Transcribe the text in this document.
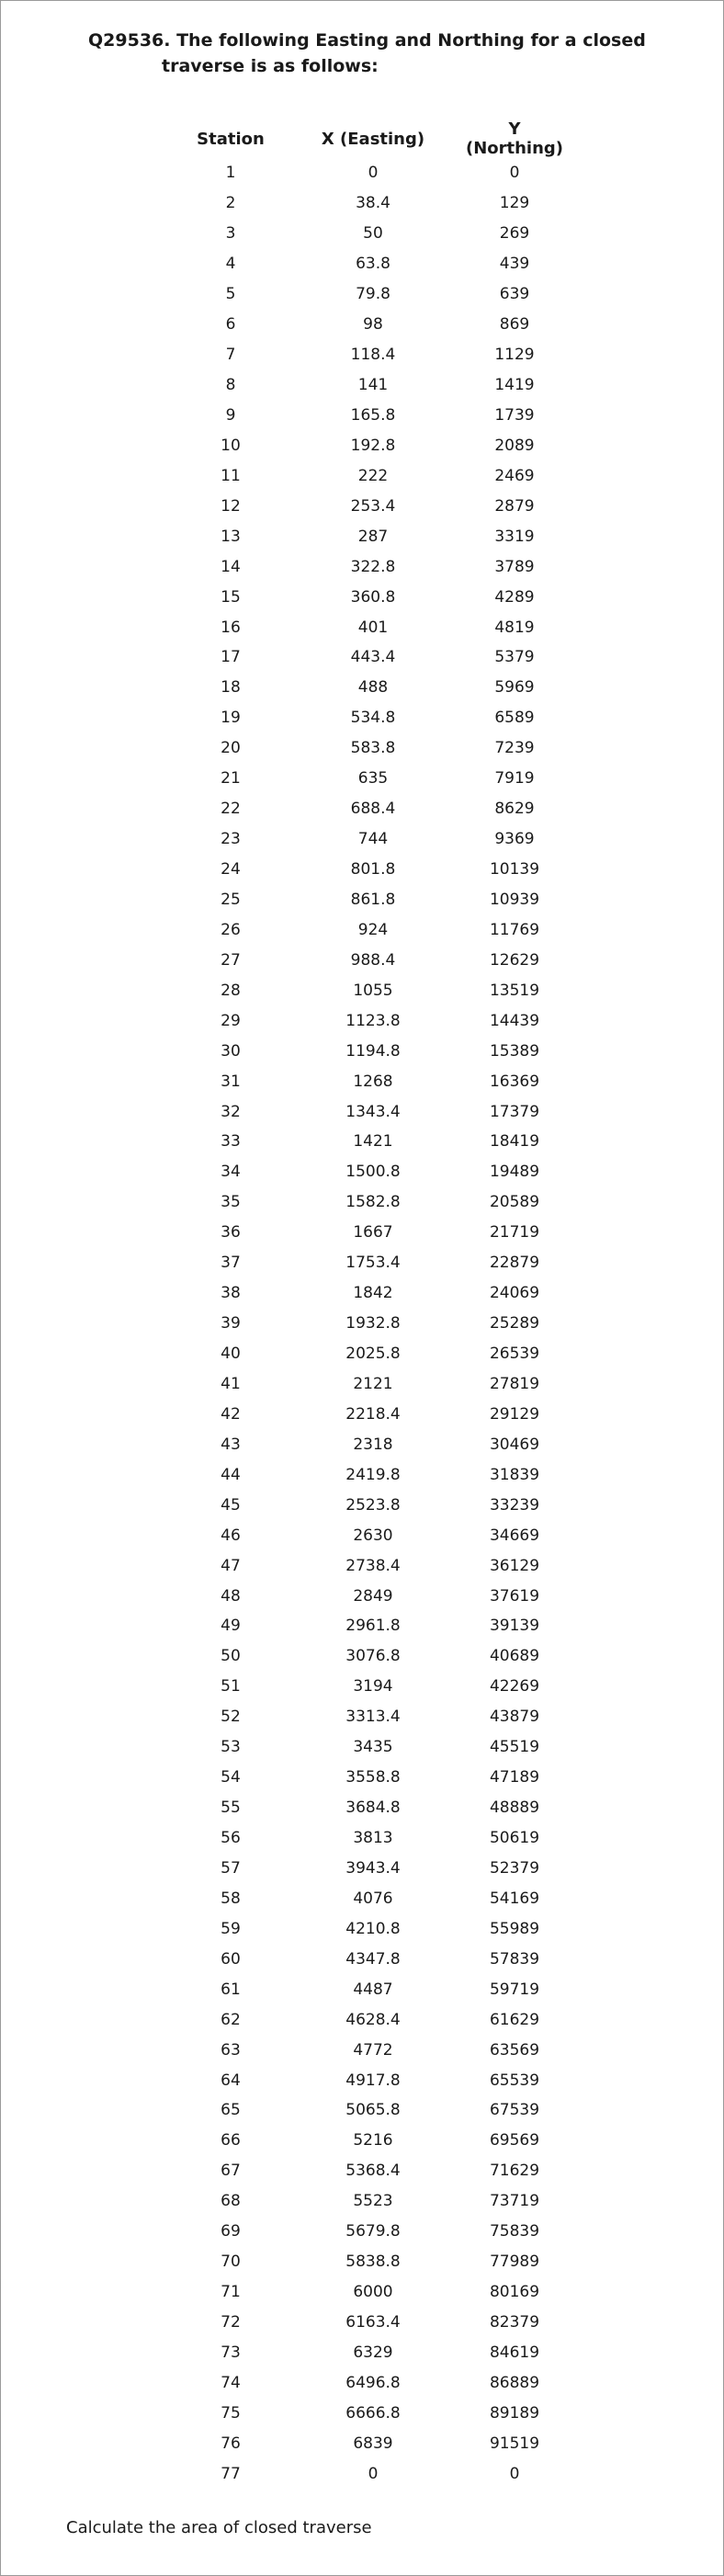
Q29536. The following Easting and Northing for a closed
traverse is as follows:
Station	X (Easting)	Y (Northing)
1	0	0
2	38.4	129
3	50	269
4	63.8	439
5	79.8	639
6	98	869
7	118.4	1129
8	141	1419
9	165.8	1739
10	192.8	2089
11	222	2469
12	253.4	2879
13	287	3319
14	322.8	3789
15	360.8	4289
16	401	4819
17	443.4	5379
18	488	5969
19	534.8	6589
20	583.8	7239
21	635	7919
22	688.4	8629
23	744	9369
24	801.8	10139
25	861.8	10939
26	924	11769
27	988.4	12629
28	1055	13519
29	1123.8	14439
30	1194.8	15389
31	1268	16369
32	1343.4	17379
33	1421	18419
34	1500.8	19489
35	1582.8	20589
36	1667	21719
37	1753.4	22879
38	1842	24069
39	1932.8	25289
40	2025.8	26539
41	2121	27819
42	2218.4	29129
43	2318	30469
44	2419.8	31839
45	2523.8	33239
46	2630	34669
47	2738.4	36129
48	2849	37619
49	2961.8	39139
50	3076.8	40689
51	3194	42269
52	3313.4	43879
53	3435	45519
54	3558.8	47189
55	3684.8	48889
56	3813	50619
57	3943.4	52379
58	4076	54169
59	4210.8	55989
60	4347.8	57839
61	4487	59719
62	4628.4	61629
63	4772	63569
64	4917.8	65539
65	5065.8	67539
66	5216	69569
67	5368.4	71629
68	5523	73719
69	5679.8	75839
70	5838.8	77989
71	6000	80169
72	6163.4	82379
73	6329	84619
74	6496.8	86889
75	6666.8	89189
76	6839	91519
77	0	0
Calculate the area of closed traverse
